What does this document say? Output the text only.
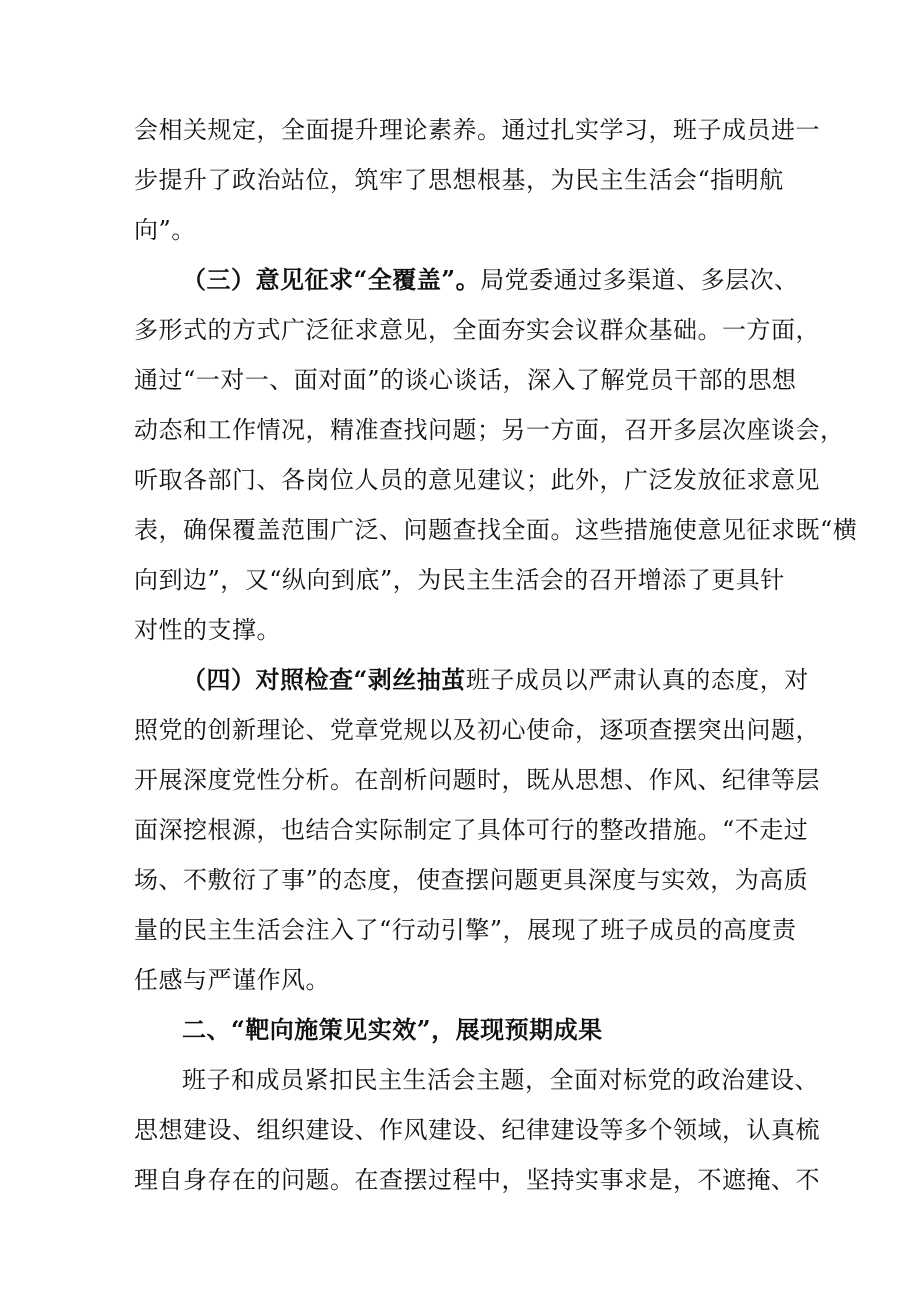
会相关规定，全面提升理论素养。通过扎实学习，班子成员进一
步提升了政治站位，筑牢了思想根基，为民主生活会“指明航
向”。
（三）意见征求“全覆盖”。局党委通过多渠道、多层次、
多形式的方式广泛征求意见，全面夯实会议群众基础。一方面，
通过“一对一、面对面”的谈心谈话，深入了解党员干部的思想
动态和工作情况，精准查找问题；另一方面，召开多层次座谈会，
听取各部门、各岗位人员的意见建议；此外，广泛发放征求意见
表，确保覆盖范围广泛、问题查找全面。这些措施使意见征求既“横
向到边”，又“纵向到底”，为民主生活会的召开增添了更具针
对性的支撑。
（四）对照检查“剥丝抽茧班子成员以严肃认真的态度，对
照党的创新理论、党章党规以及初心使命，逐项查摆突出问题，
开展深度党性分析。在剖析问题时，既从思想、作风、纪律等层
面深挖根源，也结合实际制定了具体可行的整改措施。“不走过
场、不敷衍了事”的态度，使查摆问题更具深度与实效，为高质
量的民主生活会注入了“行动引擎”，展现了班子成员的高度责
任感与严谨作风。
二、“靶向施策见实效”，展现预期成果
班子和成员紧扣民主生活会主题，全面对标党的政治建设、
思想建设、组织建设、作风建设、纪律建设等多个领域，认真梳
理自身存在的问题。在查摆过程中，坚持实事求是，不遮掩、不
